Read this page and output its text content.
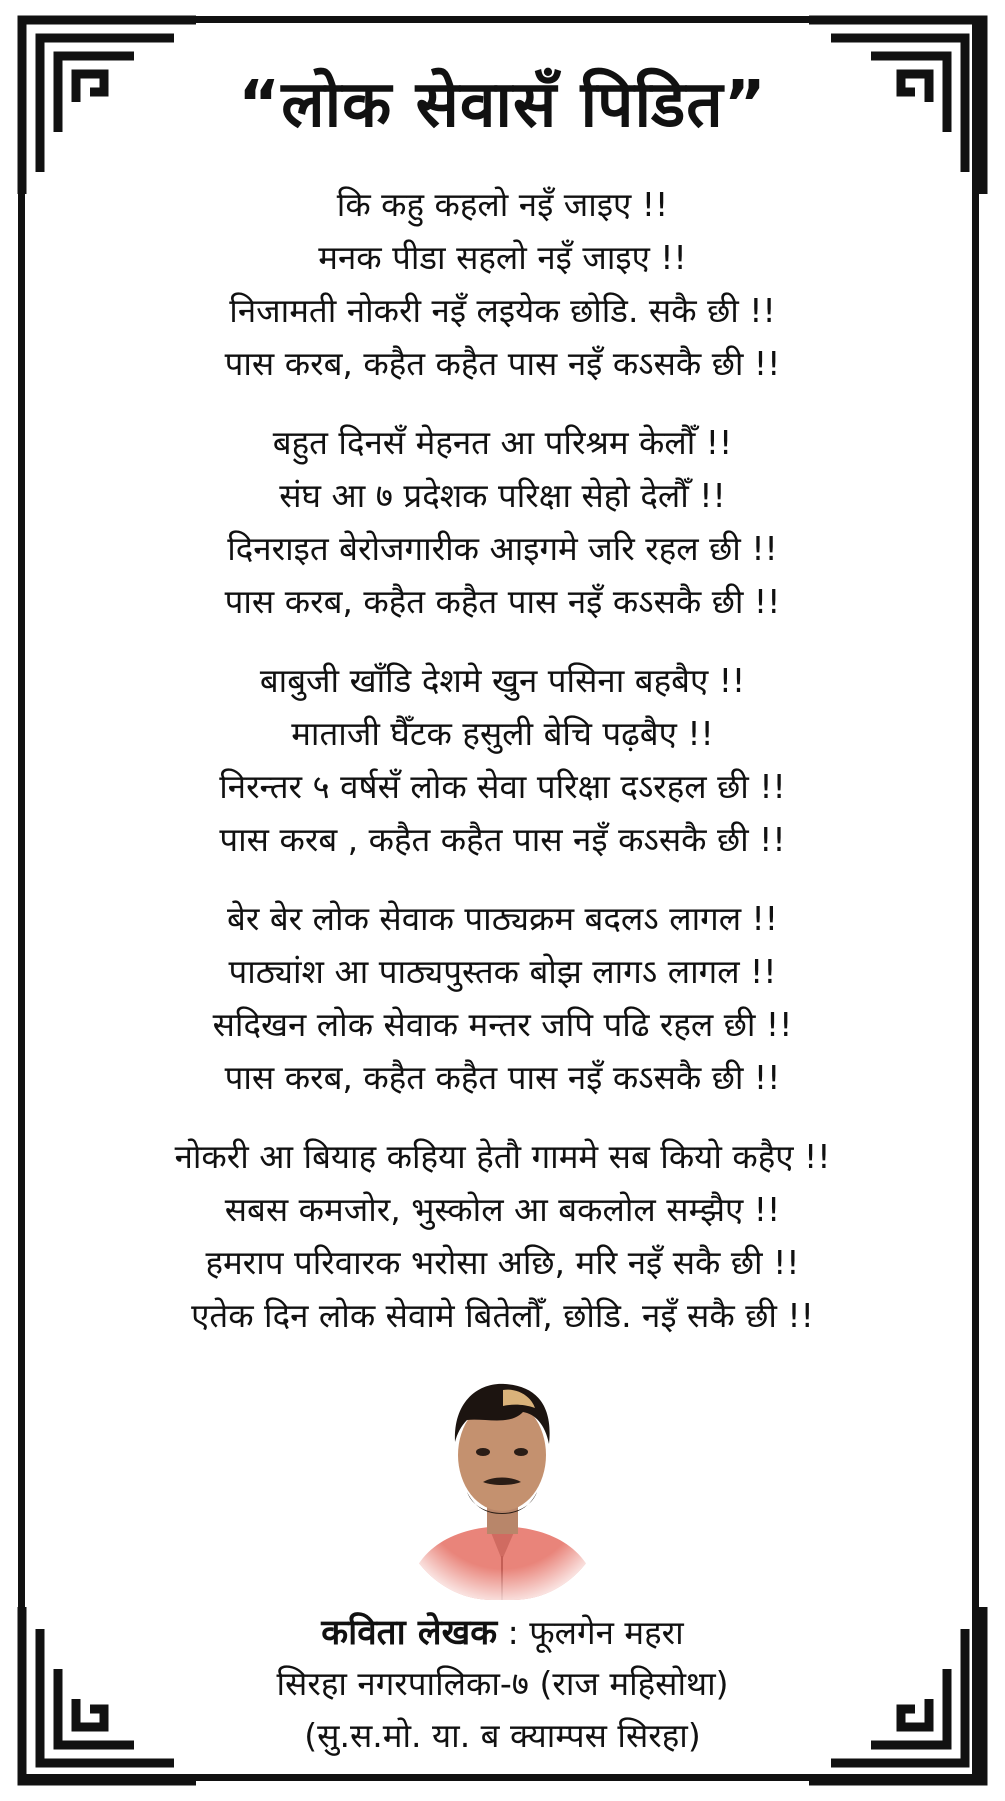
“लोक सेवासँ पिडित”
कि कहु कहलो नइँ जाइए !!
मनक पीडा सहलो नइँ जाइए !!
निजामती नोकरी नइँ लइयेक छोडि. सकै छी !!
पास करब, कहैत कहैत पास नइँ कऽसकै छी !!
बहुत दिनसँ मेहनत आ परिश्रम केलौँ !!
संघ आ ७ प्रदेशक परिक्षा सेहो देलौँ !!
दिनराइत बेरोजगारीक आइगमे जरि रहल छी !!
पास करब, कहैत कहैत पास नइँ कऽसकै छी !!
बाबुजी खाँडि देशमे खुन पसिना बहबैए !!
माताजी घैँटक हसुली बेचि पढ़बैए !!
निरन्तर ५ वर्षसँ लोक सेवा परिक्षा दऽरहल छी !!
पास करब , कहैत कहैत पास नइँ कऽसकै छी !!
बेर बेर लोक सेवाक पाठ्यक्रम बदलऽ लागल !!
पाठ्यांश आ पाठ्यपुस्तक बोझ लागऽ लागल !!
सदिखन लोक सेवाक मन्तर जपि पढि रहल छी !!
पास करब, कहैत कहैत पास नइँ कऽसकै छी !!
नोकरी आ बियाह कहिया हेतौ गाममे सब कियो कहैए !!
सबस कमजोर, भुस्कोल आ बकलोल सम्झैए !!
हमराप परिवारक भरोसा अछि, मरि नइँ सकै छी !!
एतेक दिन लोक सेवामे बितेलौँ, छोडि. नइँ सकै छी !!
कविता लेखक : फूलगेन महरा
सिरहा नगरपालिका-७ (राज महिसोथा)
(सु.स.मो. या. ब क्याम्पस सिरहा)
